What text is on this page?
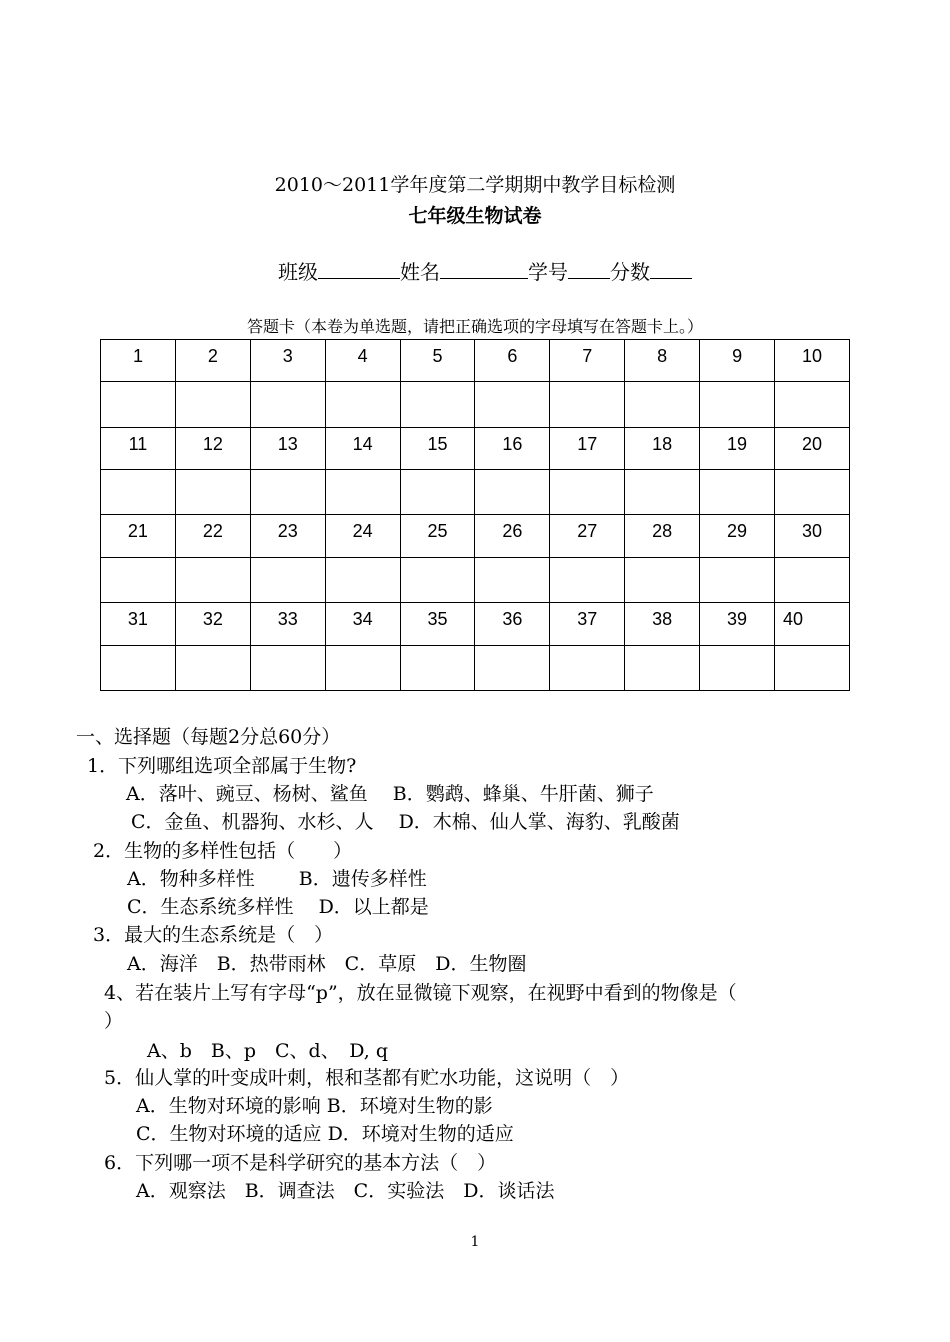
2010～2011学年度第二学期期中教学目标检测
七年级生物试卷
班级	姓名	学号 分数
答题卡（本卷为单选题，请把正确选项的字母填写在答题卡上。）
1	2	3	4	5	6	7	8	9	10

11	12	13	14	15	16	17	18	19	20

21	22	23	24	25	26	27	28	29	30

31	32	33	34	35	36	37	38	39	40

一、选择题（每题2分总60分）
1．下列哪组选项全部属于生物?
A．落叶、豌豆、杨树、鲨鱼　 B．鹦鹉、蜂巢、牛肝菌、狮子
C．金鱼、机器狗、水杉、人　 D．木棉、仙人掌、海豹、乳酸菌
2．生物的多样性包括（　　）
A．物种多样性　　 B．遗传多样性
C．生态系统多样性　 D．以上都是
3．最大的生态系统是（　）
A．海洋　B．热带雨林　C．草原　D．生物圈
4、若在装片上写有字母“p”，放在显微镜下观察，在视野中看到的物像是（
）
A、b　B、p　C、d、　D, q
5．仙人掌的叶变成叶刺，根和茎都有贮水功能，这说明（　）
A．生物对环境的影响 B．环境对生物的影
C．生物对环境的适应 D．环境对生物的适应
6．下列哪一项不是科学研究的基本方法（　）
A．观察法　B．调查法　C．实验法　D．谈话法
1
